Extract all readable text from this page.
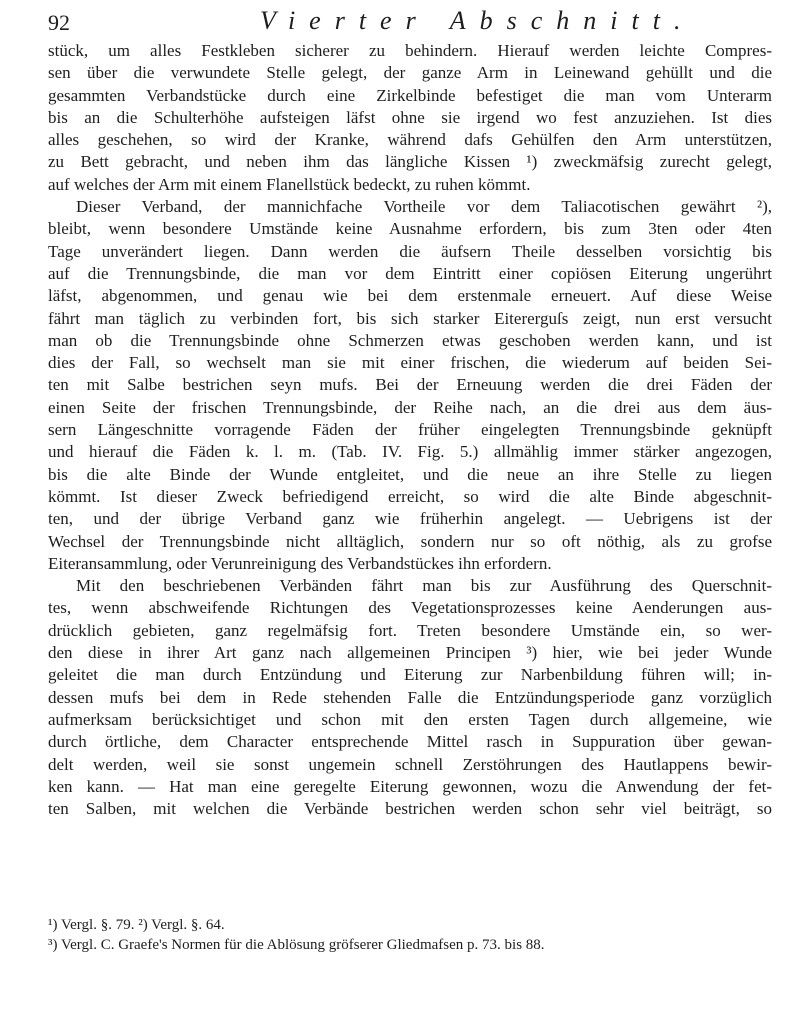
92	Vierter Abschnitt.
stück, um alles Festkleben sicherer zu behindern. Hierauf werden leichte Compres-
sen über die verwundete Stelle gelegt, der ganze Arm in Leinewand gehüllt und die
gesammten Verbandstücke durch eine Zirkelbinde befestiget die man vom Unterarm
bis an die Schulterhöhe aufsteigen läfst ohne sie irgend wo fest anzuziehen. Ist dies
alles geschehen, so wird der Kranke, während dafs Gehülfen den Arm unterstützen,
zu Bett gebracht, und neben ihm das längliche Kissen ¹) zweckmäfsig zurecht gelegt,
auf welches der Arm mit einem Flanellstück bedeckt, zu ruhen kömmt.
Dieser Verband, der mannichfache Vortheile vor dem Taliacotischen gewährt ²),
bleibt, wenn besondere Umstände keine Ausnahme erfordern, bis zum 3ten oder 4ten
Tage unverändert liegen. Dann werden die äufsern Theile desselben vorsichtig bis
auf die Trennungsbinde, die man vor dem Eintritt einer copiösen Eiterung ungerührt
läfst, abgenommen, und genau wie bei dem erstenmale erneuert. Auf diese Weise
fährt man täglich zu verbinden fort, bis sich starker Eitererguſs zeigt, nun erst versucht
man ob die Trennungsbinde ohne Schmerzen etwas geschoben werden kann, und ist
dies der Fall, so wechselt man sie mit einer frischen, die wiederum auf beiden Sei-
ten mit Salbe bestrichen seyn mufs. Bei der Erneuung werden die drei Fäden der
einen Seite der frischen Trennungsbinde, der Reihe nach, an die drei aus dem äus-
sern Längeschnitte vorragende Fäden der früher eingelegten Trennungsbinde geknüpft
und hierauf die Fäden k. l. m. (Tab. IV. Fig. 5.) allmählig immer stärker angezogen,
bis die alte Binde der Wunde entgleitet, und die neue an ihre Stelle zu liegen
kömmt. Ist dieser Zweck befriedigend erreicht, so wird die alte Binde abgeschnit-
ten, und der übrige Verband ganz wie früherhin angelegt. — Uebrigens ist der
Wechsel der Trennungsbinde nicht alltäglich, sondern nur so oft nöthig, als zu grofse
Eiteransammlung, oder Verunreinigung des Verbandstückes ihn erfordern.
Mit den beschriebenen Verbänden fährt man bis zur Ausführung des Querschnit-
tes, wenn abschweifende Richtungen des Vegetationsprozesses keine Aenderungen aus-
drücklich gebieten, ganz regelmäfsig fort. Treten besondere Umstände ein, so wer-
den diese in ihrer Art ganz nach allgemeinen Principen ³) hier, wie bei jeder Wunde
geleitet die man durch Entzündung und Eiterung zur Narbenbildung führen will; in-
dessen mufs bei dem in Rede stehenden Falle die Entzündungsperiode ganz vorzüglich
aufmerksam berücksichtiget und schon mit den ersten Tagen durch allgemeine, wie
durch örtliche, dem Character entsprechende Mittel rasch in Suppuration über gewan-
delt werden, weil sie sonst ungemein schnell Zerstöhrungen des Hautlappens bewir-
ken kann. — Hat man eine geregelte Eiterung gewonnen, wozu die Anwendung der fet-
ten Salben, mit welchen die Verbände bestrichen werden schon sehr viel beiträgt, so
¹) Vergl. §. 79. ²) Vergl. §. 64.
³) Vergl. C. Graefe's Normen für die Ablösung gröfserer Gliedmafsen p. 73. bis 88.
